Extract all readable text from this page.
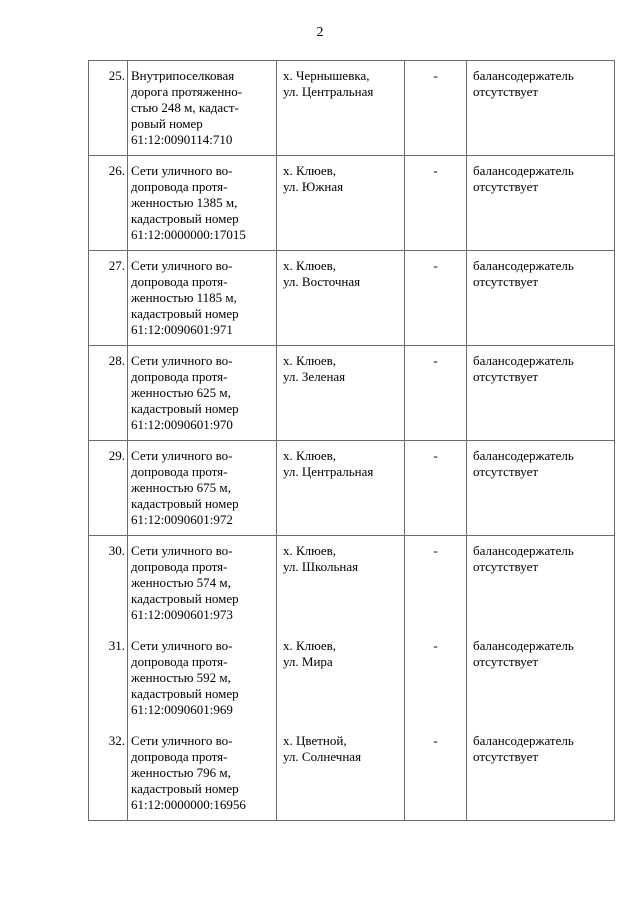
2
25.	Внутрипоселковая
дорога протяженно-
стью 248 м, кадаст-
ровый номер
61:12:0090114:710	х. Чернышевка,
ул. Центральная	-	балансодержатель
отсутствует

26.	Сети уличного во-
допровода протя-
женностью 1385 м,
кадастровый номер
61:12:0000000:17015	х. Клюев,
ул. Южная	-	балансодержатель
отсутствует

27.	Сети уличного во-
допровода протя-
женностью 1185 м,
кадастровый номер
61:12:0090601:971	х. Клюев,
ул. Восточная	-	балансодержатель
отсутствует

28.	Сети уличного во-
допровода протя-
женностью 625 м,
кадастровый номер
61:12:0090601:970	х. Клюев,
ул. Зеленая	-	балансодержатель
отсутствует

29.	Сети уличного во-
допровода протя-
женностью 675 м,
кадастровый номер
61:12:0090601:972	х. Клюев,
ул. Центральная	-	балансодержатель
отсутствует

30.	Сети уличного во-
допровода протя-
женностью 574 м,
кадастровый номер
61:12:0090601:973	х. Клюев,
ул. Школьная	-	балансодержатель
отсутствует

31.	Сети уличного во-
допровода протя-
женностью 592 м,
кадастровый номер
61:12:0090601:969	х. Клюев,
ул. Мира	-	балансодержатель
отсутствует

32.	Сети уличного во-
допровода протя-
женностью 796 м,
кадастровый номер
61:12:0000000:16956	х. Цветной,
ул. Солнечная	-	балансодержатель
отсутствует
